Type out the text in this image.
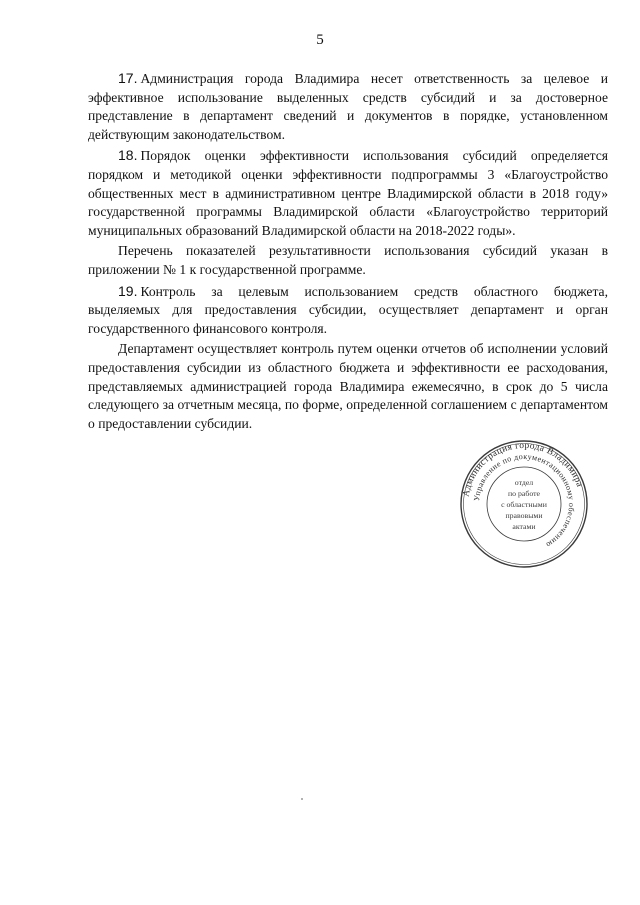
5

17. Администрация города Владимира несет ответственность за целевое и эффективное использование выделенных средств субсидий и за достоверное представление в департамент сведений и документов в порядке, установленном действующим законодательством.

18. Порядок оценки эффективности использования субсидий определяется порядком и методикой оценки эффективности подпрограммы 3 «Благоустройство общественных мест в административном центре Владимирской области в 2018 году» государственной программы Владимирской области «Благоустройство территорий муниципальных образований Владимирской области на 2018-2022 годы».

Перечень показателей результативности использования субсидий указан в приложении № 1 к государственной программе.

19. Контроль за целевым использованием средств областного бюджета, выделяемых для предоставления субсидии, осуществляет департамент и орган государственного финансового контроля.

Департамент осуществляет контроль путем оценки отчетов об исполнении условий предоставления субсидии из областного бюджета и эффективности ее расходования, представляемых администрацией города Владимира ежемесячно, в срок до 5 числа следующего за отчетным месяца, по форме, определенной соглашением с департаментом о предоставлении субсидии.

Администрация города Владимира
Управление по документационному обеспечению
отдел
по работе
с областными
правовыми
актами
